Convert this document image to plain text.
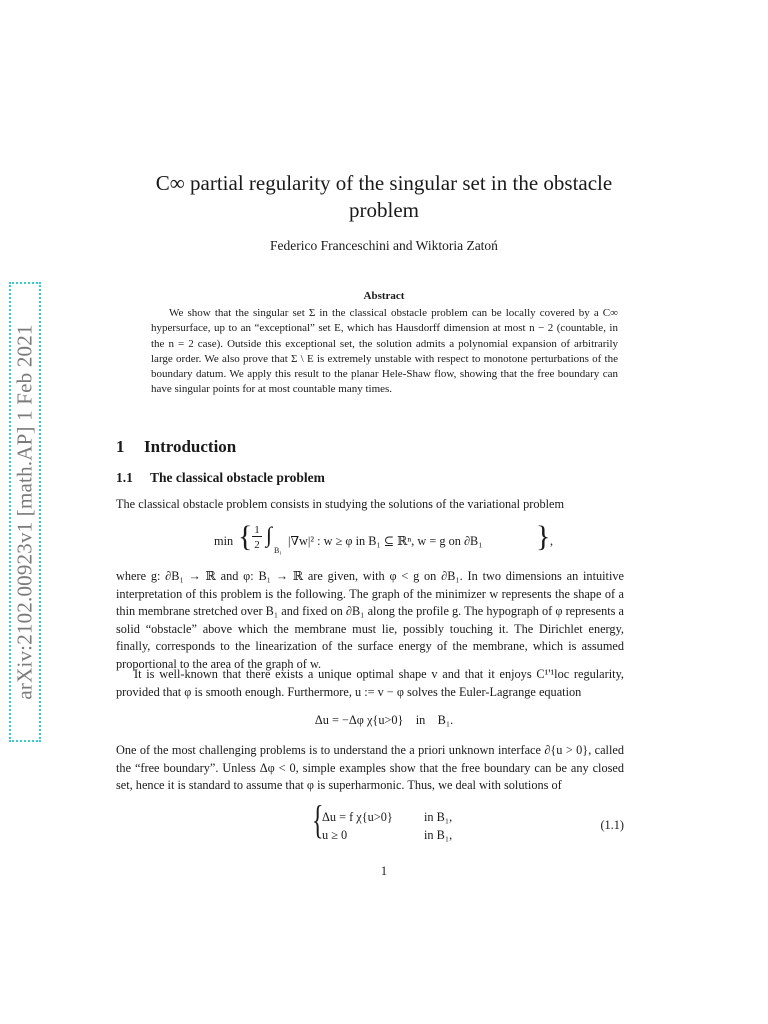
arXiv:2102.00923v1 [math.AP] 1 Feb 2021
C∞ partial regularity of the singular set in the obstacle
problem
Federico Franceschini and Wiktoria Zatoń
Abstract
We show that the singular set Σ in the classical obstacle problem can be locally covered by a C∞ hypersurface, up to an “exceptional” set E, which has Hausdorff dimension at most n − 2 (countable, in the n = 2 case). Outside this exceptional set, the solution admits a polynomial expansion of arbitrarily large order. We also prove that Σ \ E is extremely unstable with respect to monotone perturbations of the boundary datum. We apply this result to the planar Hele-Shaw flow, showing that the free boundary can have singular points for at most countable many times.
1 Introduction
1.1 The classical obstacle problem
The classical obstacle problem consists in studying the solutions of the variational problem
min { 1
2 ∫
B₁
|∇w|² : w ≥ φ in B₁ ⊆ ℝⁿ, w = g on ∂B₁ } ,
where g: ∂B₁ → ℝ and φ: B₁ → ℝ are given, with φ < g on ∂B₁. In two dimensions an intuitive interpretation of this problem is the following. The graph of the minimizer w represents the shape of a thin membrane stretched over B₁ and fixed on ∂B₁ along the profile g. The hypograph of φ represents a solid “obstacle” above which the membrane must lie, possibly touching it. The Dirichlet energy, finally, corresponds to the linearization of the surface energy of the membrane, which is assumed proportional to the area of the graph of w.
It is well-known that there exists a unique optimal shape v and that it enjoys C¹'¹loc regularity, provided that φ is smooth enough. Furthermore, u := v − φ solves the Euler-Lagrange equation
Δu = −Δφ χ{u>0}    in    B₁.
One of the most challenging problems is to understand the a priori unknown interface ∂{u > 0}, called the “free boundary”. Unless Δφ < 0, simple examples show that the free boundary can be any closed set, hence it is standard to assume that φ is superharmonic. Thus, we deal with solutions of
{
Δu = f χ{u>0}	in B₁,
u ≥ 0	in B₁,
(1.1)
1
